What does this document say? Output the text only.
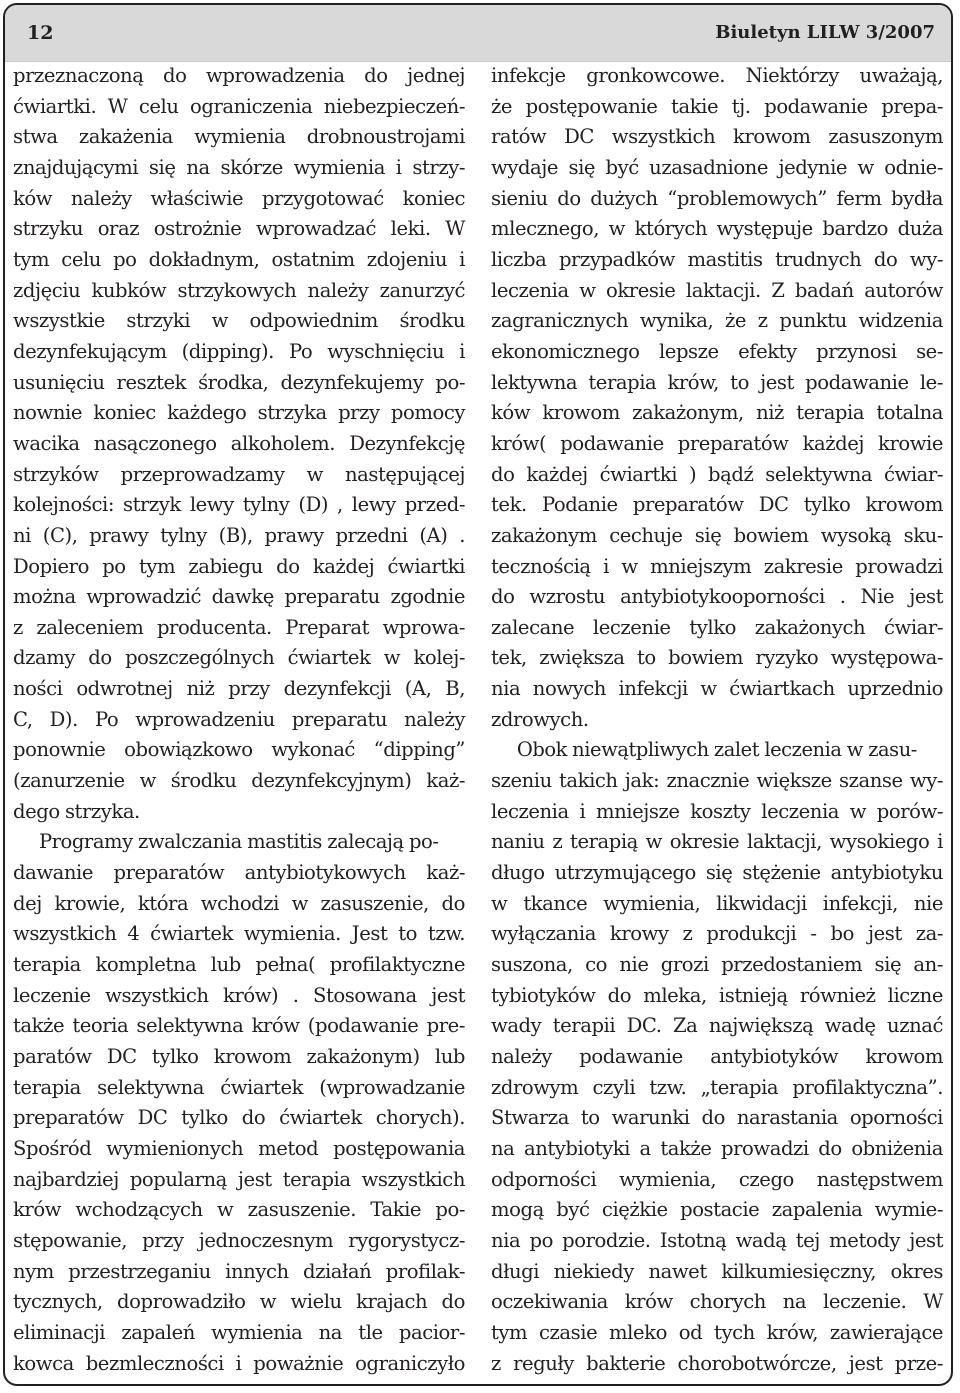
12	Biuletyn LILW 3/2007
przeznaczoną do wprowadzenia do jednej
ćwiartki. W celu ograniczenia niebezpieczeń-
stwa zakażenia wymienia drobnoustrojami
znajdującymi się na skórze wymienia i strzy-
ków należy właściwie przygotować koniec
strzyku oraz ostrożnie wprowadzać leki. W
tym celu po dokładnym, ostatnim zdojeniu i
zdjęciu kubków strzykowych należy zanurzyć
wszystkie strzyki w odpowiednim środku
dezynfekującym (dipping). Po wyschnięciu i
usunięciu resztek środka, dezynfekujemy po-
nownie koniec każdego strzyka przy pomocy
wacika nasączonego alkoholem. Dezynfekcję
strzyków przeprowadzamy w następującej
kolejności: strzyk lewy tylny (D) , lewy przed-
ni (C), prawy tylny (B), prawy przedni (A) .
Dopiero po tym zabiegu do każdej ćwiartki
można wprowadzić dawkę preparatu zgodnie
z zaleceniem producenta. Preparat wprowa-
dzamy do poszczególnych ćwiartek w kolej-
ności odwrotnej niż przy dezynfekcji (A, B,
C, D). Po wprowadzeniu preparatu należy
ponownie obowiązkowo wykonać “dipping”
(zanurzenie w środku dezynfekcyjnym) każ-
dego strzyka.
Programy zwalczania mastitis zalecają po-
dawanie preparatów antybiotykowych każ-
dej krowie, która wchodzi w zasuszenie, do
wszystkich 4 ćwiartek wymienia. Jest to tzw.
terapia kompletna lub pełna( profilaktyczne
leczenie wszystkich krów) . Stosowana jest
także teoria selektywna krów (podawanie pre-
paratów DC tylko krowom zakażonym) lub
terapia selektywna ćwiartek (wprowadzanie
preparatów DC tylko do ćwiartek chorych).
Spośród wymienionych metod postępowania
najbardziej popularną jest terapia wszystkich
krów wchodzących w zasuszenie. Takie po-
stępowanie, przy jednoczesnym rygorystycz-
nym przestrzeganiu innych działań profilak-
tycznych, doprowadziło w wielu krajach do
eliminacji zapaleń wymienia na tle pacior-
kowca bezmleczności i poważnie ograniczyło
infekcje gronkowcowe. Niektórzy uważają,
że postępowanie takie tj. podawanie prepa-
ratów DC wszystkich krowom zasuszonym
wydaje się być uzasadnione jedynie w odnie-
sieniu do dużych “problemowych” ferm bydła
mlecznego, w których występuje bardzo duża
liczba przypadków mastitis trudnych do wy-
leczenia w okresie laktacji. Z badań autorów
zagranicznych wynika, że z punktu widzenia
ekonomicznego lepsze efekty przynosi se-
lektywna terapia krów, to jest podawanie le-
ków krowom zakażonym, niż terapia totalna
krów( podawanie preparatów każdej krowie
do każdej ćwiartki ) bądź selektywna ćwiar-
tek. Podanie preparatów DC tylko krowom
zakażonym cechuje się bowiem wysoką sku-
tecznością i w mniejszym zakresie prowadzi
do wzrostu antybiotykooporności . Nie jest
zalecane leczenie tylko zakażonych ćwiar-
tek, zwiększa to bowiem ryzyko występowa-
nia nowych infekcji w ćwiartkach uprzednio
zdrowych.
Obok niewątpliwych zalet leczenia w zasu-
szeniu takich jak: znacznie większe szanse wy-
leczenia i mniejsze koszty leczenia w porów-
naniu z terapią w okresie laktacji, wysokiego i
długo utrzymującego się stężenie antybiotyku
w tkance wymienia, likwidacji infekcji, nie
wyłączania krowy z produkcji - bo jest za-
suszona, co nie grozi przedostaniem się an-
tybiotyków do mleka, istnieją również liczne
wady terapii DC. Za największą wadę uznać
należy podawanie antybiotyków krowom
zdrowym czyli tzw. „terapia profilaktyczna”.
Stwarza to warunki do narastania oporności
na antybiotyki a także prowadzi do obniżenia
odporności wymienia, czego następstwem
mogą być ciężkie postacie zapalenia wymie-
nia po porodzie. Istotną wadą tej metody jest
długi niekiedy nawet kilkumiesięczny, okres
oczekiwania krów chorych na leczenie. W
tym czasie mleko od tych krów, zawierające
z reguły bakterie chorobotwórcze, jest prze-
